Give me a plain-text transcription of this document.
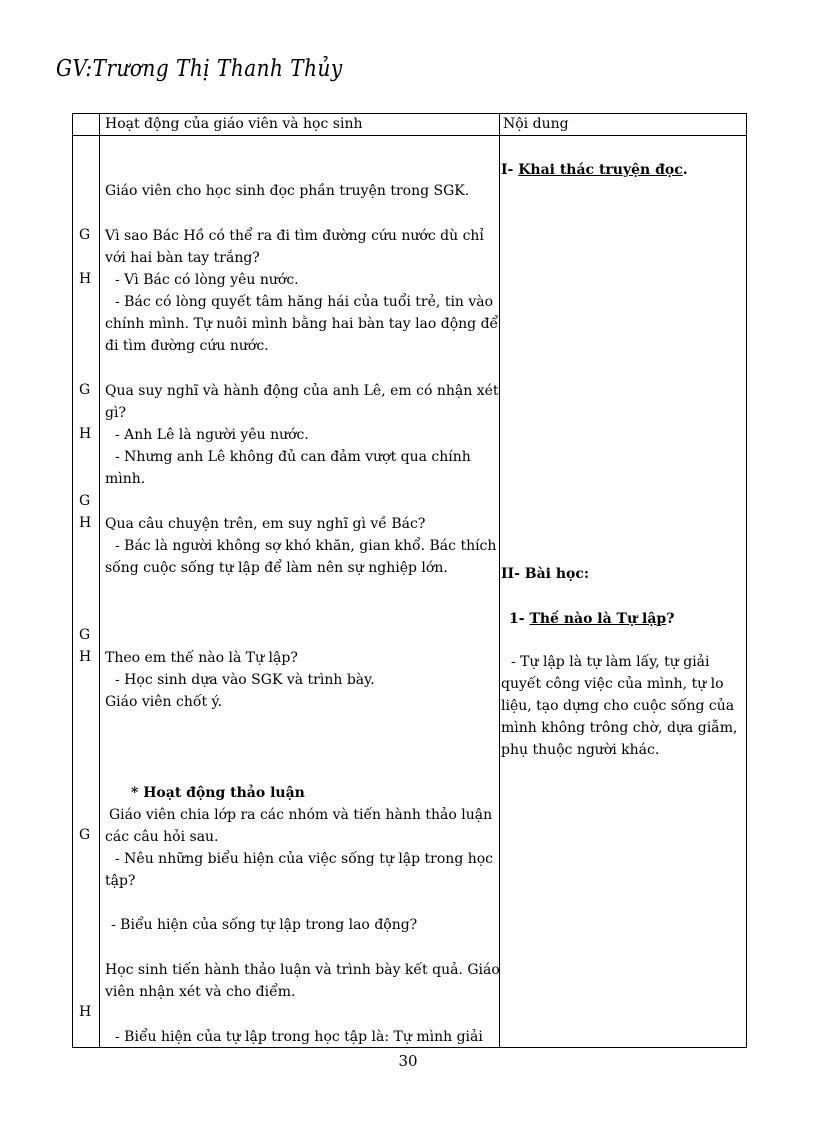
GV:Trương Thị Thanh Thủy
Hoạt động của giáo viên và học sinh	Nội dung
G
H
G
H
G
H
G
H
G
H
Giáo viên cho học sinh đọc phần truyện trong SGK.
Vì sao Bác Hồ có thể ra đi tìm đường cứu nước dù chỉ
với hai bàn tay trắng?
- Vì Bác có lòng yêu nước.
- Bác có lòng quyết tâm hăng hái của tuổi trẻ, tin vào
chính mình. Tự nuôi mình bằng hai bàn tay lao động để
đi tìm đường cứu nước.
Qua suy nghĩ và hành động của anh Lê, em có nhận xét
gì?
- Anh Lê là người yêu nước.
- Nhưng anh Lê không đủ can đảm vượt qua chính
mình.
Qua câu chuyện trên, em suy nghĩ gì về Bác?
- Bác là người không sợ khó khăn, gian khổ. Bác thích
sống cuộc sống tự lập để làm nên sự nghiệp lớn.
Theo em thế nào là Tự lập?
- Học sinh dựa vào SGK và trình bày.
Giáo viên chốt ý.
* Hoạt động thảo luận
Giáo viên chia lớp ra các nhóm và tiến hành thảo luận
các câu hỏi sau.
- Nêu những biểu hiện của việc sống tự lập trong học
tập?
- Biểu hiện của sống tự lập trong lao động?
Học sinh tiến hành thảo luận và trình bày kết quả. Giáo
viên nhận xét và cho điểm.
- Biểu hiện của tự lập trong học tập là: Tự mình giải
I- Khai thác truyện đọc.
II- Bài học:
1- Thế nào là Tự lập?
- Tự lập là tự làm lấy, tự giải
quyết công việc của mình, tự lo
liệu, tạo dựng cho cuộc sống của
mình không trông chờ, dựa giẫm,
phụ thuộc người khác.
30
